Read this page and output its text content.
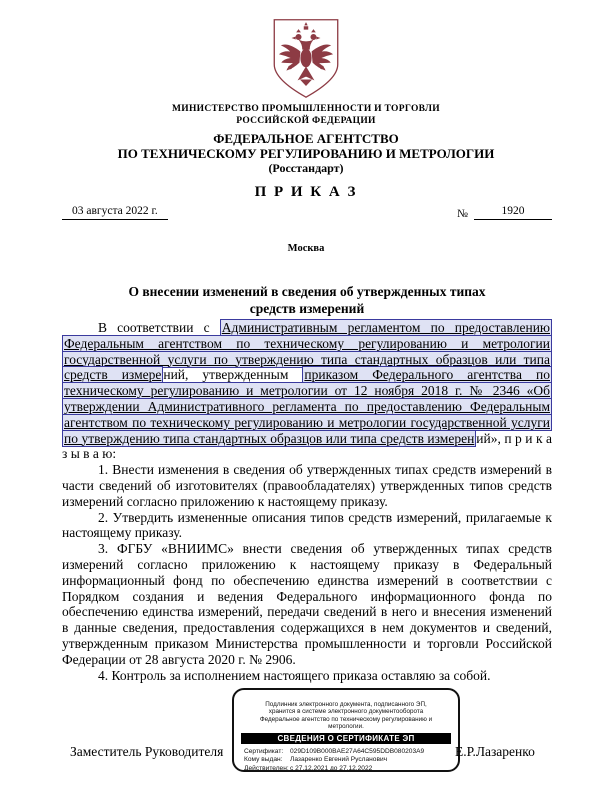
МИНИСТЕРСТВО ПРОМЫШЛЕННОСТИ И ТОРГОВЛИ
РОССИЙСКОЙ ФЕДЕРАЦИИ
ФЕДЕРАЛЬНОЕ АГЕНТСТВО
ПО ТЕХНИЧЕСКОМУ РЕГУЛИРОВАНИЮ И МЕТРОЛОГИИ
(Росстандарт)
П Р И К А З
03 августа 2022 г.	№	1920
Москва
О внесении изменений в сведения об утвержденных типах
средств измерений

В соответствии с Административным регламентом по предоставлению Федеральным агентством по техническому регулированию и метрологии государственной услуги по утверждению типа стандартных образцов или типа средств измере ний, утвержденным приказом Федерального агентства по техническому регулированию и метрологии от 12 ноября 2018 г. № 2346 «Об утверждении Административного регламента по предоставлению Федеральным агентством по техническому регулированию и метрологии государственной услуги по утверждению типа стандартных образцов или типа средств измерен ий», п р и к а з ы в а ю:

1. Внести изменения в сведения об утвержденных типах средств измерений в части сведений об изготовителях (правообладателях) утвержденных типов средств измерений согласно приложению к настоящему приказу.

2. Утвердить измененные описания типов средств измерений, прилагаемые к настоящему приказу.

3. ФГБУ «ВНИИМС» внести сведения об утвержденных типах средств измерений согласно приложению к настоящему приказу в Федеральный информационный фонд по обеспечению единства измерений в соответствии с Порядком создания и ведения Федерального информационного фонда по обеспечению единства измерений, передачи сведений в него и внесения изменений в данные сведения, предоставления содержащихся в нем документов и сведений, утвержденным приказом Министерства промышленности и торговли Российской Федерации от 28 августа 2020 г. № 2906.

4. Контроль за исполнением настоящего приказа оставляю за собой.

Подлинник электронного документа, подписанного ЭП,
хранится в системе электронного документооборота
Федеральное агентство по техническому регулированию и
метрологии.
СВЕДЕНИЯ О СЕРТИФИКАТЕ ЭП
Сертификат: 029D109B000BAE27A64C595DDB080203A9
Кому выдан: Лазаренко Евгений Русланович
Действителен:с 27.12.2021 до 27.12.2022
Заместитель Руководителя	Е.Р.Лазаренко
